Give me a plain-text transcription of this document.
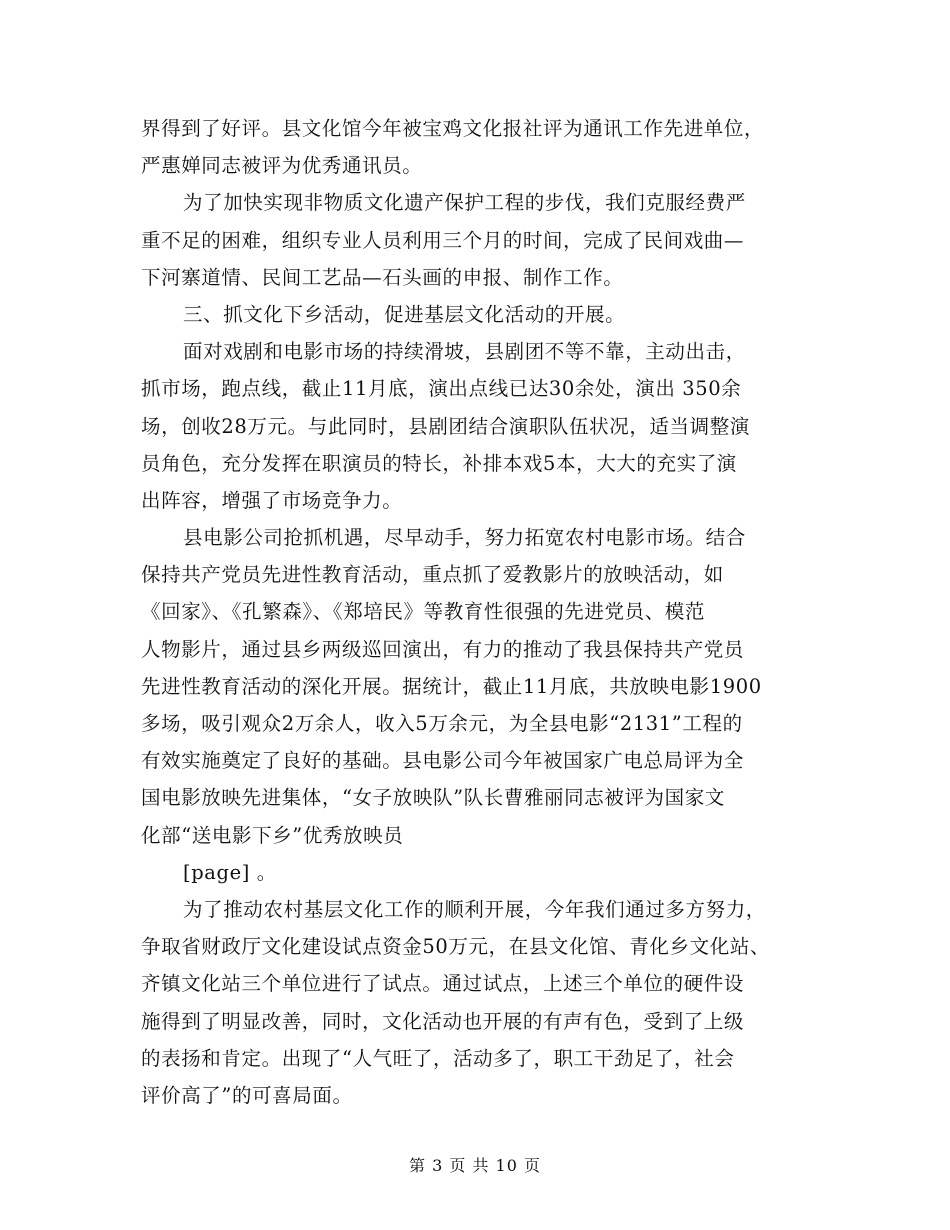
界得到了好评。县文化馆今年被宝鸡文化报社评为通讯工作先进单位，
严惠婵同志被评为优秀通讯员。
为了加快实现非物质文化遗产保护工程的步伐，我们克服经费严
重不足的困难，组织专业人员利用三个月的时间，完成了民间戏曲—
下河寨道情、民间工艺品—石头画的申报、制作工作。
三、抓文化下乡活动，促进基层文化活动的开展。
面对戏剧和电影市场的持续滑坡，县剧团不等不靠，主动出击，
抓市场，跑点线，截止11月底，演出点线已达30余处，演出 350余
场，创收28万元。与此同时，县剧团结合演职队伍状况，适当调整演
员角色，充分发挥在职演员的特长，补排本戏5本，大大的充实了演
出阵容，增强了市场竞争力。
县电影公司抢抓机遇，尽早动手，努力拓宽农村电影市场。结合
保持共产党员先进性教育活动，重点抓了爱教影片的放映活动，如
《回家》、《孔繁森》、《郑培民》等教育性很强的先进党员、模范
人物影片，通过县乡两级巡回演出，有力的推动了我县保持共产党员
先进性教育活动的深化开展。据统计，截止11月底，共放映电影1900
多场，吸引观众2万余人，收入5万余元，为全县电影“2131”工程的
有效实施奠定了良好的基础。县电影公司今年被国家广电总局评为全
国电影放映先进集体，“女子放映队”队长曹雅丽同志被评为国家文
化部“送电影下乡”优秀放映员
[page] 。
为了推动农村基层文化工作的顺利开展，今年我们通过多方努力，
争取省财政厅文化建设试点资金50万元，在县文化馆、青化乡文化站、
齐镇文化站三个单位进行了试点。通过试点，上述三个单位的硬件设
施得到了明显改善，同时，文化活动也开展的有声有色，受到了上级
的表扬和肯定。出现了“人气旺了，活动多了，职工干劲足了，社会
评价高了”的可喜局面。
第 3 页 共 10 页
